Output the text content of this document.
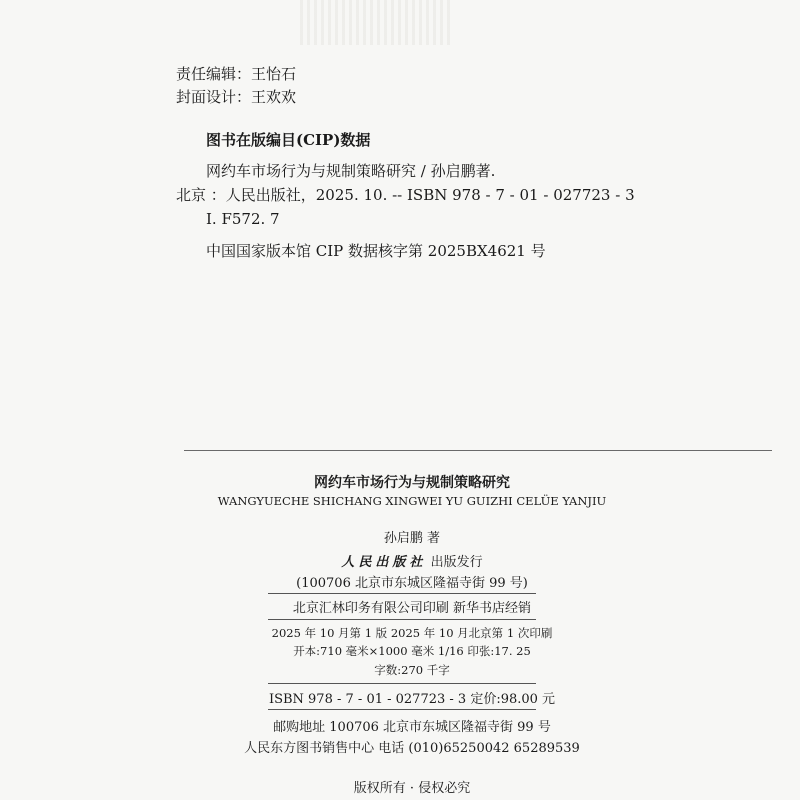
责任编辑：王怡石
封面设计：王欢欢
图书在版编目(CIP)数据
网约车市场行为与规制策略研究 / 孙启鹏著.
北京 ：人民出版社，2025. 10. -- ISBN 978 - 7 - 01 - 027723 - 3
Ⅰ. F572. 7
中国国家版本馆 CIP 数据核字第 2025BX4621 号
网约车市场行为与规制策略研究
WANGYUECHE SHICHANG XINGWEI YU GUIZHI CELÜE YANJIU
孙启鹏 著
人民出版社 出版发行
(100706 北京市东城区隆福寺街 99 号)
北京汇林印务有限公司印刷 新华书店经销
2025 年 10 月第 1 版 2025 年 10 月北京第 1 次印刷
开本:710 毫米×1000 毫米 1/16 印张:17. 25
字数:270 千字
ISBN 978 - 7 - 01 - 027723 - 3 定价:98.00 元
邮购地址 100706 北京市东城区隆福寺街 99 号
人民东方图书销售中心 电话 (010)65250042 65289539
版权所有 · 侵权必究
